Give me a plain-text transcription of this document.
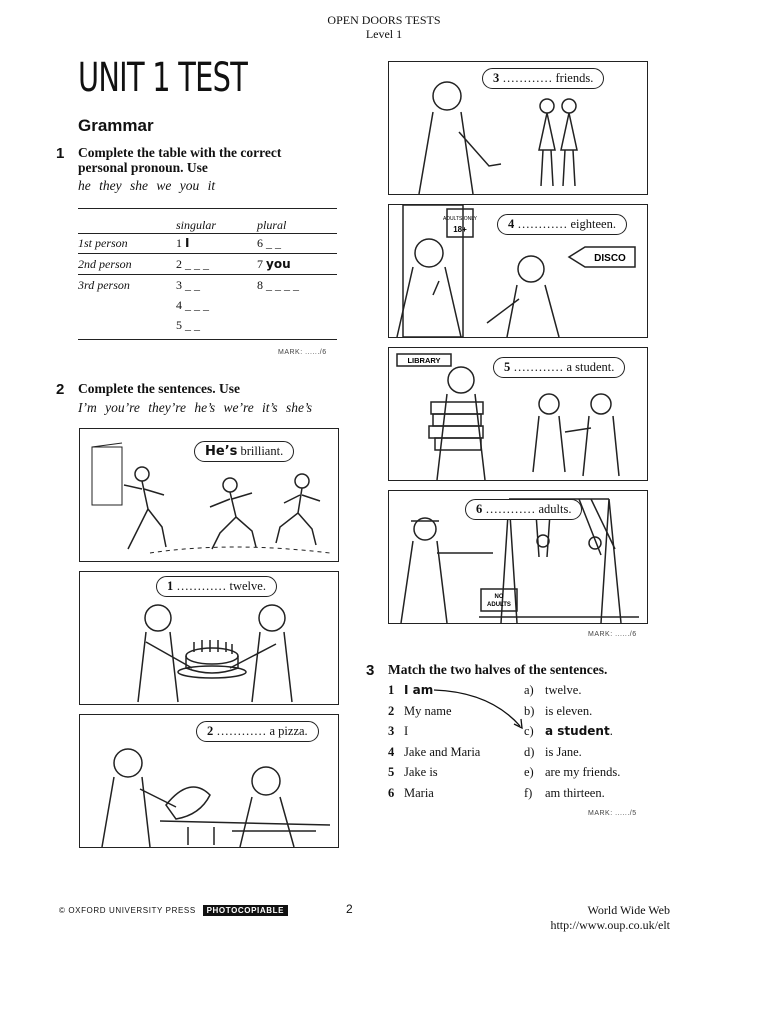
OPEN DOORS TESTS
Level 1
UNIT 1 TEST
Grammar
1 Complete the table with the correct
personal pronoun. Use
he they she we you it
	singular	plural
1st person	1 I	6 _ _
2nd person	2 _ _ _	7 you
3rd person	3 _ _	8 _ _ _ _
	4 _ _ _	
	5 _ _	
MARK: ....../6
2 Complete the sentences. Use
I’m you’re they’re he’s we’re it’s she’s
He’s brilliant.
1 ………… twelve.
2 ………… a pizza.
3 ………… friends.
ADULTS ONLY
18+
DISCO
4 ………… eighteen.
LIBRARY	5 ………… a student.
NO
ADULTS
6 ………… adults.
MARK: ....../6
3 Match the two halves of the sentences.
1 I am	a) twelve.
2 My name	b) is eleven.
3 I	c) a student.
4 Jake and Maria	d) is Jane.
5 Jake is	e) are my friends.
6 Maria	f) am thirteen.
MARK: ....../5
© OXFORD UNIVERSITY PRESS PHOTOCOPIABLE	2	World Wide Web
http://www.oup.co.uk/elt
